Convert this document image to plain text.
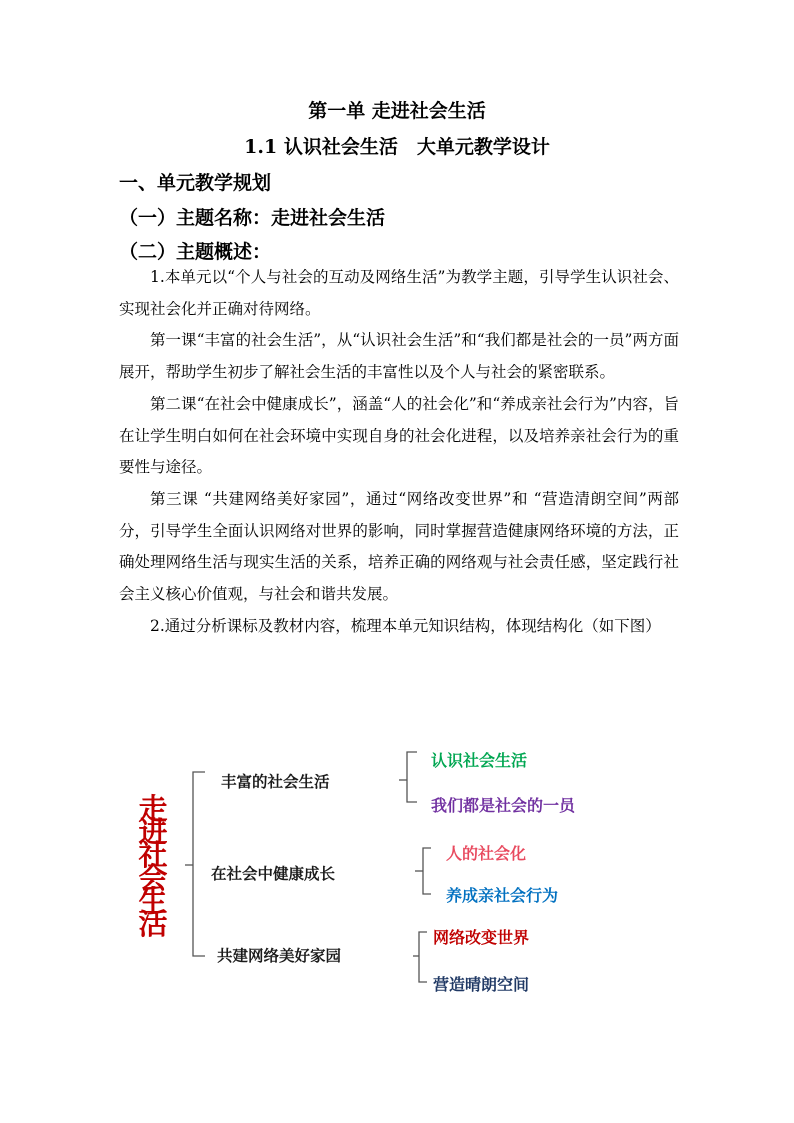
第一单 走进社会生活
1.1 认识社会生活　大单元教学设计
一、单元教学规划
（一）主题名称：走进社会生活
（二）主题概述：

1.本单元以“个人与社会的互动及网络生活”为教学主题，引导学生认识社会、实现社会化并正确对待网络。

第一课“丰富的社会生活”，从“认识社会生活”和“我们都是社会的一员”两方面展开，帮助学生初步了解社会生活的丰富性以及个人与社会的紧密联系。

第二课“在社会中健康成长”，涵盖“人的社会化”和“养成亲社会行为”内容，旨在让学生明白如何在社会环境中实现自身的社会化进程，以及培养亲社会行为的重要性与途径。

第三课 “共建网络美好家园”，通过“网络改变世界”和 “营造清朗空间”两部分，引导学生全面认识网络对世界的影响，同时掌握营造健康网络环境的方法，正确处理网络生活与现实生活的关系，培养正确的网络观与社会责任感，坚定践行社会主义核心价值观，与社会和谐共发展。

2.通过分析课标及教材内容，梳理本单元知识结构，体现结构化（如下图）

走进社会生活
丰富的社会生活
在社会中健康成长
共建网络美好家园
认识社会生活
我们都是社会的一员
人的社会化
养成亲社会行为
网络改变世界
营造晴朗空间
